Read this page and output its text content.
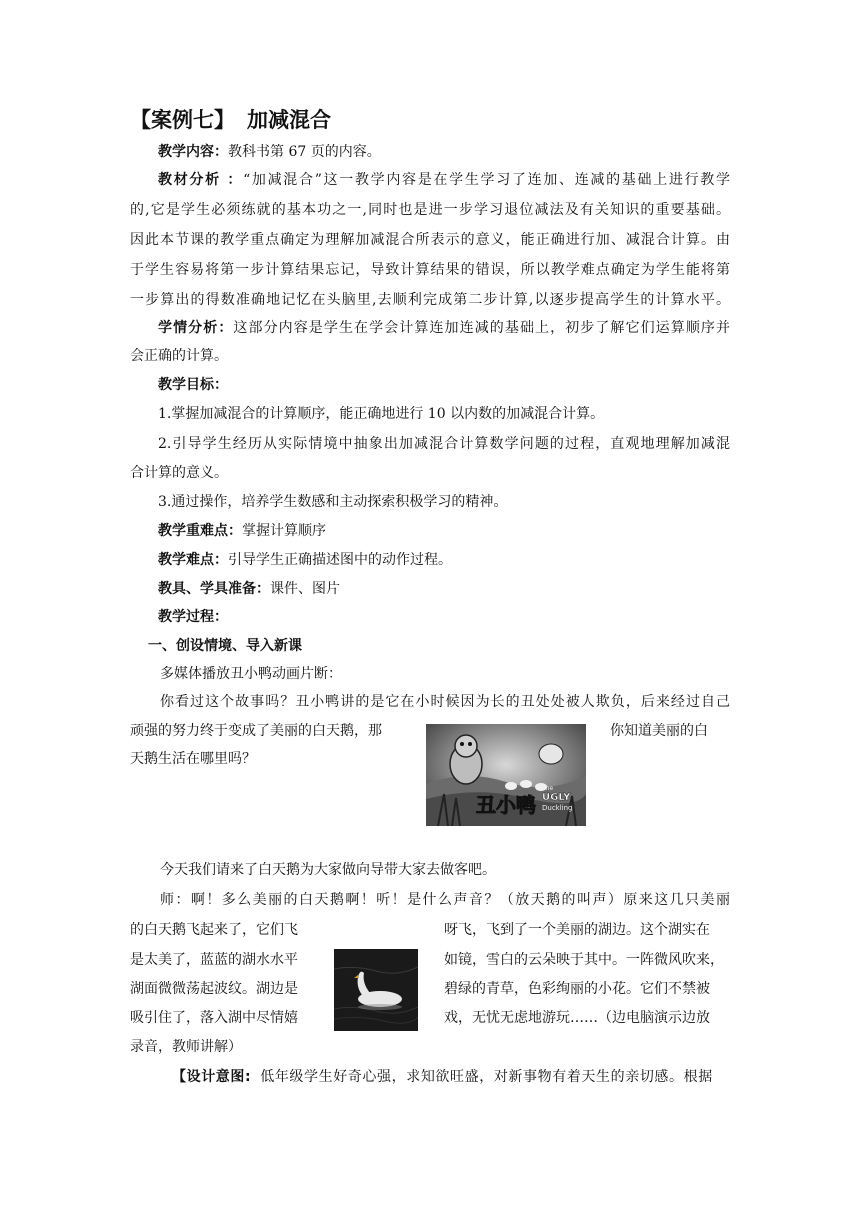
【案例七】 加减混合
教学内容：教科书第 67 页的内容。
教材分析 ：“加减混合”这一教学内容是在学生学习了连加、连减的基础上进行教学
的,它是学生必须练就的基本功之一,同时也是进一步学习退位减法及有关知识的重要基础。
因此本节课的教学重点确定为理解加减混合所表示的意义，能正确进行加、减混合计算。由
于学生容易将第一步计算结果忘记，导致计算结果的错误，所以教学难点确定为学生能将第
一步算出的得数准确地记忆在头脑里,去顺利完成第二步计算,以逐步提高学生的计算水平。
学情分析：这部分内容是学生在学会计算连加连减的基础上，初步了解它们运算顺序并
会正确的计算。
教学目标：
1.掌握加减混合的计算顺序，能正确地进行 10 以内数的加减混合计算。
2.引导学生经历从实际情境中抽象出加减混合计算数学问题的过程，直观地理解加减混
合计算的意义。
3.通过操作，培养学生数感和主动探索积极学习的精神。
教学重难点：掌握计算顺序
教学难点：引导学生正确描述图中的动作过程。
教具、学具准备：课件、图片
教学过程：
一、创设情境、导入新课
多媒体播放丑小鸭动画片断：
你看过这个故事吗？丑小鸭讲的是它在小时候因为长的丑处处被人欺负，后来经过自己
顽强的努力终于变成了美丽的白天鹅，那	你知道美丽的白
天鹅生活在哪里吗？
丑小鸭
The
UGLY
Duckling
今天我们请来了白天鹅为大家做向导带大家去做客吧。
师：啊！多么美丽的白天鹅啊！听！是什么声音？（放天鹅的叫声）原来这几只美丽
的白天鹅飞起来了，它们飞	呀飞，飞到了一个美丽的湖边。这个湖实在
是太美了，蓝蓝的湖水水平	如镜，雪白的云朵映于其中。一阵微风吹来，
湖面微微荡起波纹。湖边是	碧绿的青草，色彩绚丽的小花。它们不禁被
吸引住了，落入湖中尽情嬉	戏，无忧无虑地游玩……（边电脑演示边放
录音，教师讲解）
【设计意图: 低年级学生好奇心强，求知欲旺盛，对新事物有着天生的亲切感。根据
